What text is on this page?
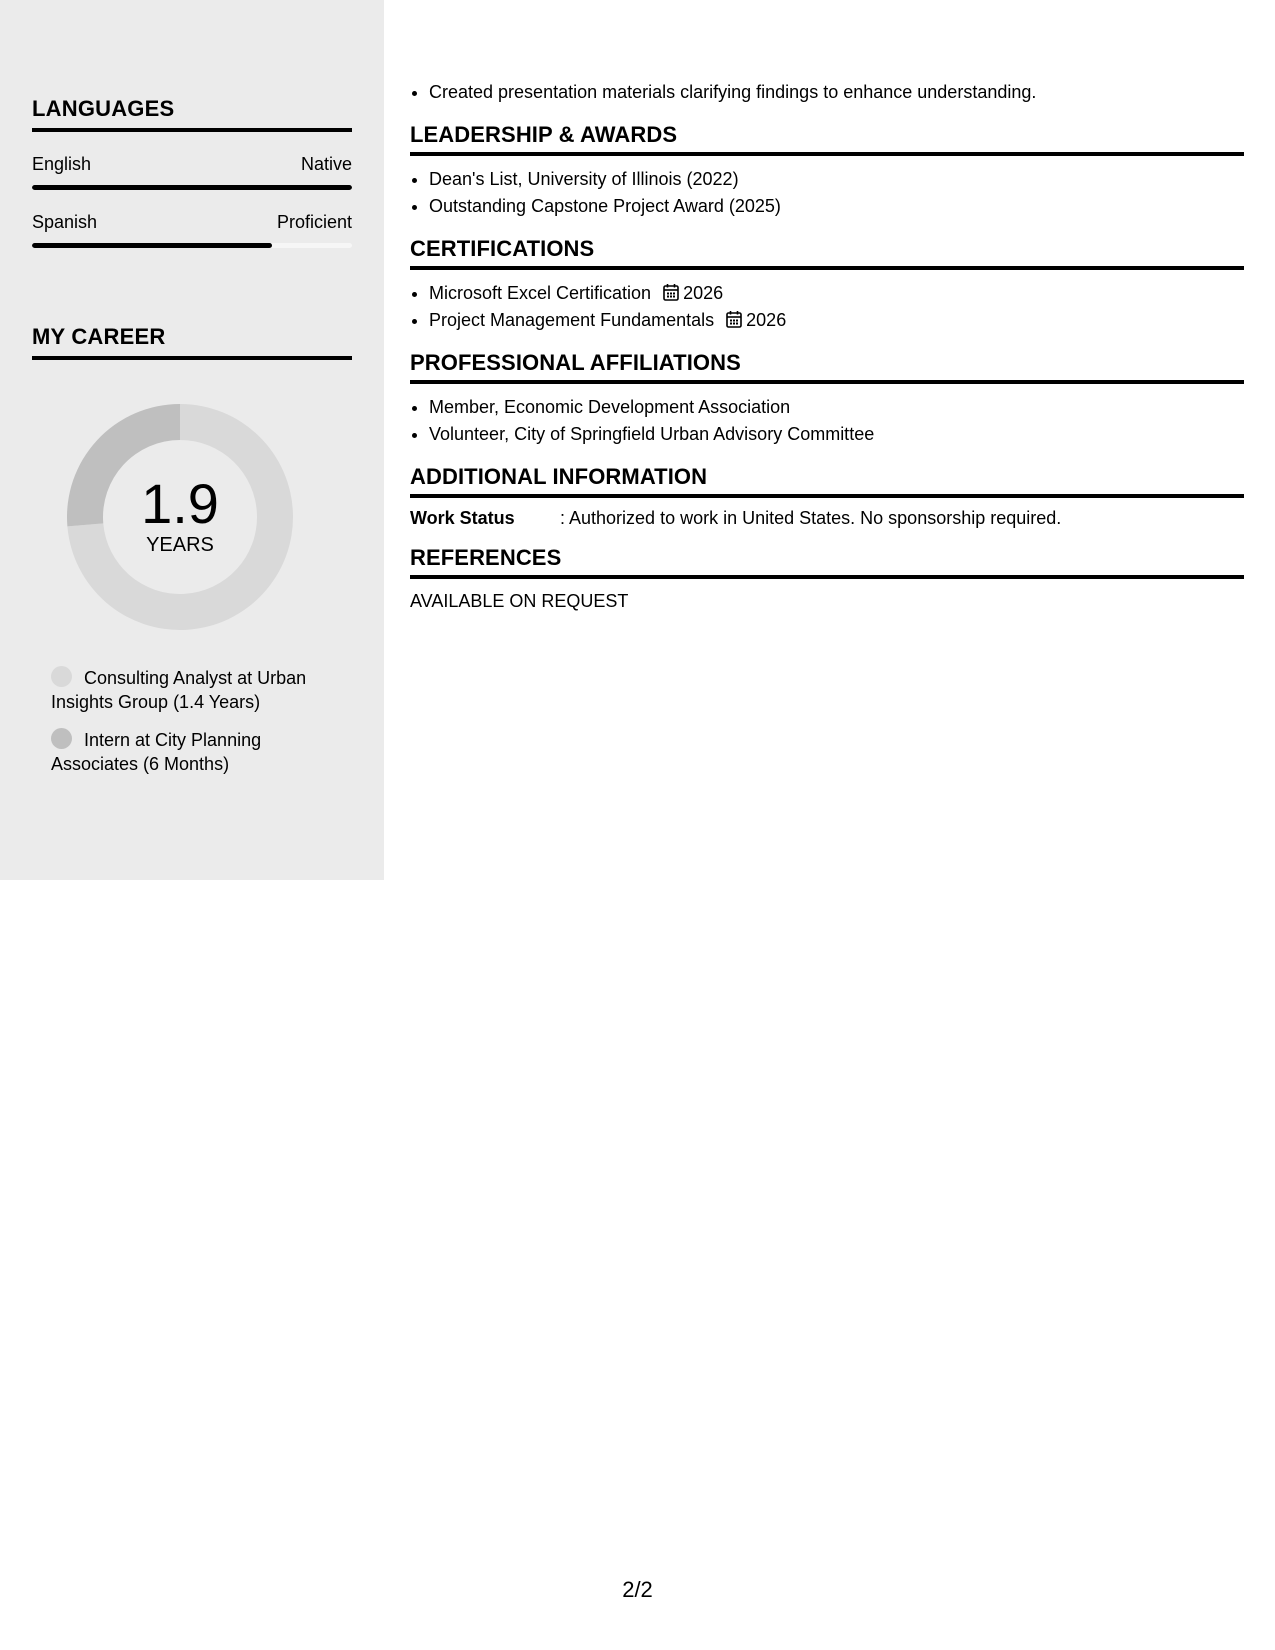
LANGUAGES
English	Native
Spanish	Proficient
MY CAREER
1.9
YEARS
Consulting Analyst at Urban Insights Group (1.4 Years)
Intern at City Planning Associates (6 Months)
• Created presentation materials clarifying findings to enhance understanding.
LEADERSHIP & AWARDS
• Dean's List, University of Illinois (2022)
• Outstanding Capstone Project Award (2025)
CERTIFICATIONS
• Microsoft Excel Certification 2026
• Project Management Fundamentals 2026
PROFESSIONAL AFFILIATIONS
• Member, Economic Development Association
• Volunteer, City of Springfield Urban Advisory Committee
ADDITIONAL INFORMATION
Work Status	: Authorized to work in United States. No sponsorship required.
REFERENCES
AVAILABLE ON REQUEST
2/2
